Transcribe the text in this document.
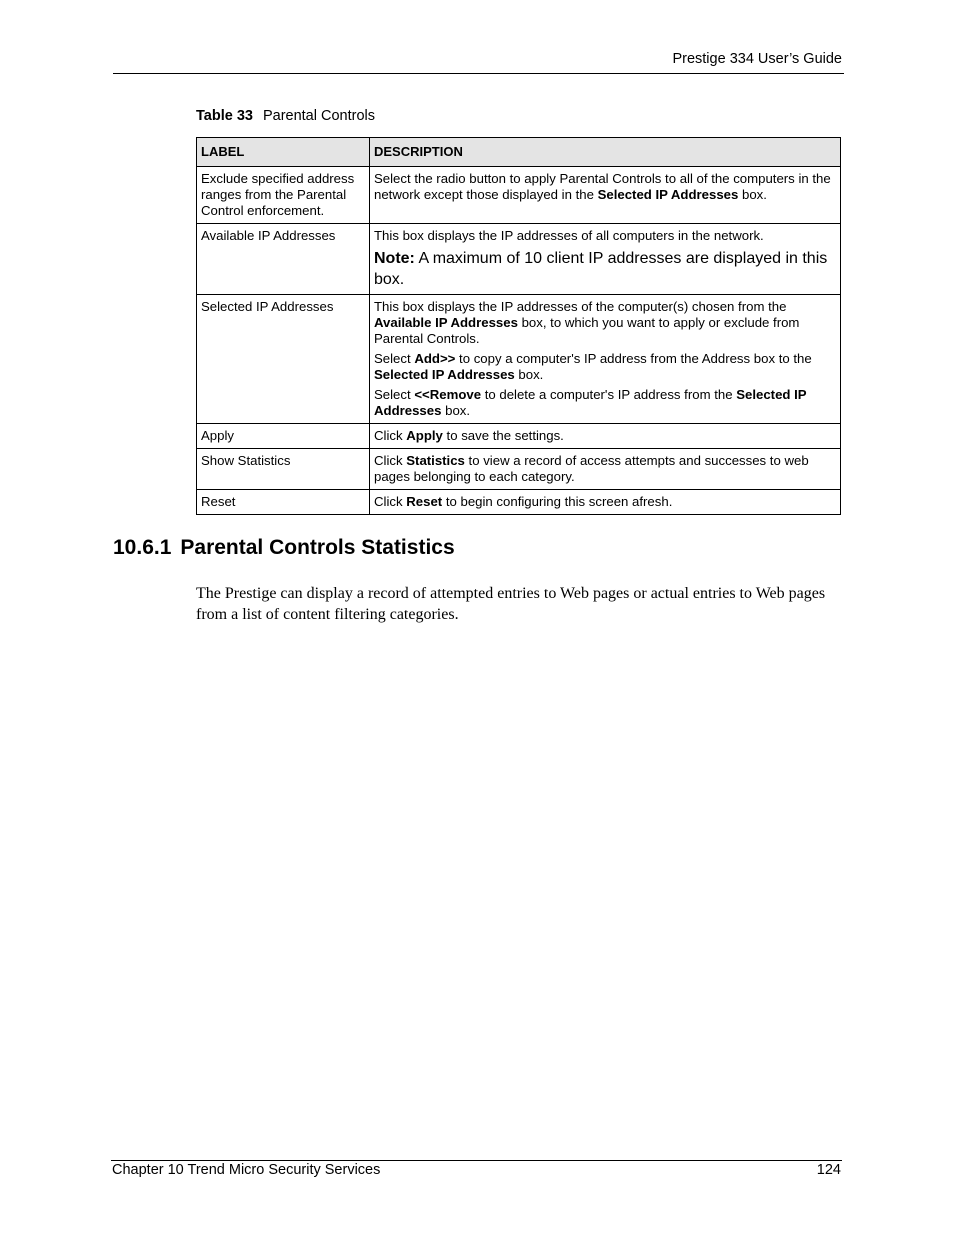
Prestige 334 User’s Guide
Table 33 Parental Controls
LABEL	DESCRIPTION
Exclude specified address ranges from the Parental Control enforcement.	Select the radio button to apply Parental Controls to all of the computers in the network except those displayed in the Selected IP Addresses box.

Available IP Addresses	This box displays the IP addresses of all computers in the network.

Note: A maximum of 10 client IP addresses are displayed in this box.

Selected IP Addresses	This box displays the IP addresses of the computer(s) chosen from the Available IP Addresses box, to which you want to apply or exclude from Parental Controls.

Select Add>> to copy a computer's IP address from the Address box to the Selected IP Addresses box.

Select <<Remove to delete a computer's IP address from the Selected IP Addresses box.

Apply	Click Apply to save the settings.

Show Statistics	Click Statistics to view a record of access attempts and successes to web pages belonging to each category.

Reset	Click Reset to begin configuring this screen afresh.

10.6.1 Parental Controls Statistics

The Prestige can display a record of attempted entries to Web pages or actual entries to Web pages from a list of content filtering categories.

Chapter 10 Trend Micro Security Services	124
